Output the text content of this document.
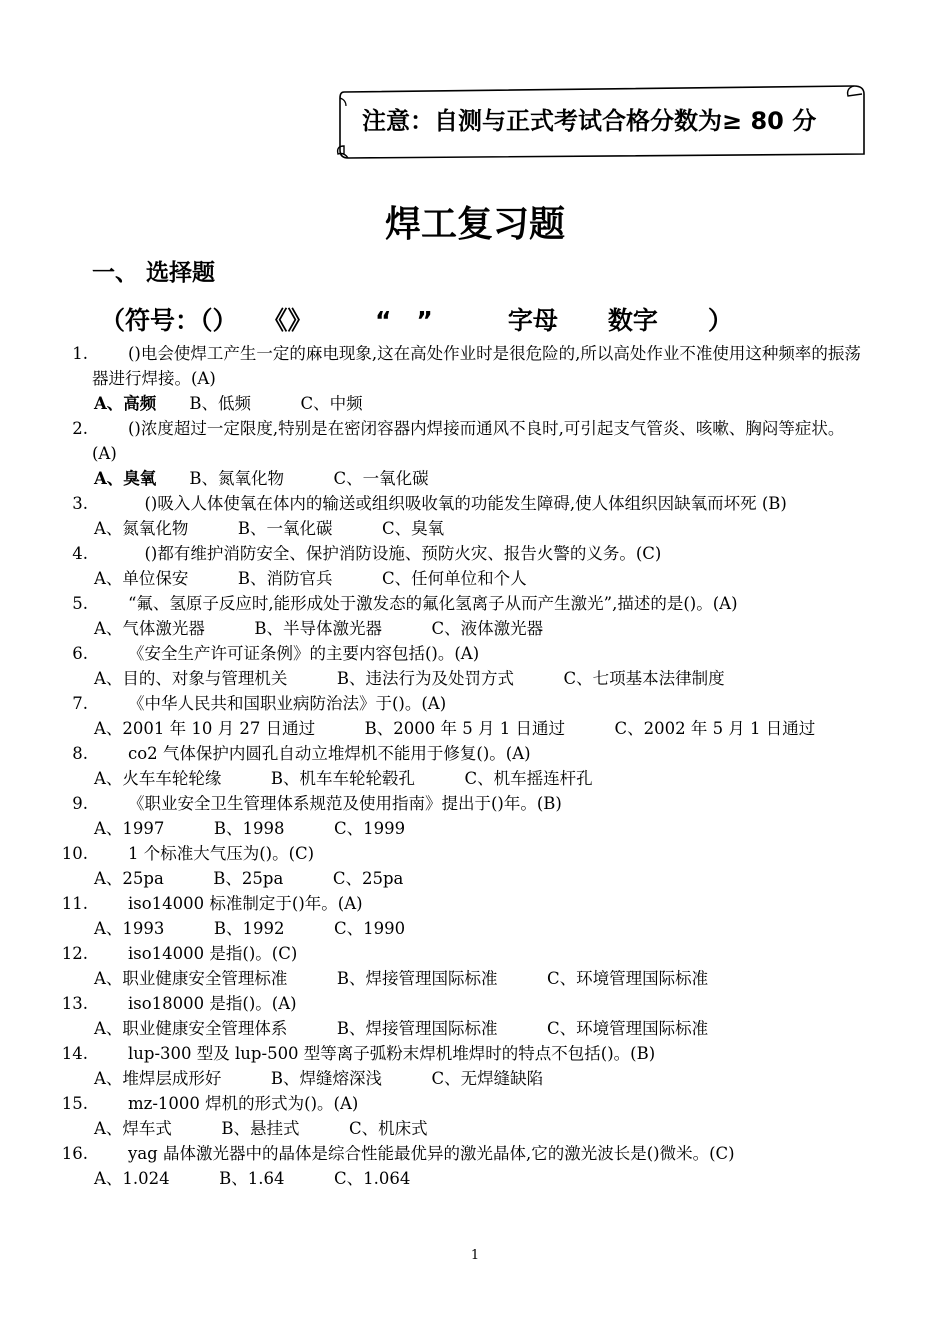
注意：自测与正式考试合格分数为≥ 80 分
焊工复习题
一、 选择题
（符号：（）　　《》　　　“　”　　　字母　　数字　　）
1.	()电会使焊工产生一定的麻电现象,这在高处作业时是很危险的,所以高处作业不准使用这种频率的振荡器进行焊接。(A)
A、高频　　B、低频　　　C、中频
2.	()浓度超过一定限度,特别是在密闭容器内焊接而通风不良时,可引起支气管炎、咳嗽、胸闷等症状。(A)
A、臭氧　　B、氮氧化物　　　C、一氧化碳
3.	　()吸入人体使氧在体内的输送或组织吸收氧的功能发生障碍,使人体组织因缺氧而坏死 (B)
A、氮氧化物　　　B、一氧化碳　　　C、臭氧
4.	　()都有维护消防安全、保护消防设施、预防火灾、报告火警的义务。(C)
A、单位保安　　　B、消防官兵　　　C、任何单位和个人
5.	“氟、氢原子反应时,能形成处于激发态的氟化氢离子从而产生激光”,描述的是()。(A)
A、气体激光器　　　B、半导体激光器　　　C、液体激光器
6.	《安全生产许可证条例》的主要内容包括()。(A)
A、目的、对象与管理机关　　　B、违法行为及处罚方式　　　C、七项基本法律制度
7.	《中华人民共和国职业病防治法》于()。(A)
A、2001 年 10 月 27 日通过　　　B、2000 年 5 月 1 日通过　　　C、2002 年 5 月 1 日通过
8.	co2 气体保护内圆孔自动立堆焊机不能用于修复()。(A)
A、火车车轮轮缘　　　B、机车车轮轮毂孔　　　C、机车摇连杆孔
9.	《职业安全卫生管理体系规范及使用指南》提出于()年。(B)
A、1997　　　B、1998　　　C、1999
10.	1 个标准大气压为()。(C)
A、25pa　　　B、25pa　　　C、25pa
11.	iso14000 标准制定于()年。(A)
A、1993　　　B、1992　　　C、1990
12.	iso14000 是指()。(C)
A、职业健康安全管理标准　　　B、焊接管理国际标准　　　C、环境管理国际标准
13.	iso18000 是指()。(A)
A、职业健康安全管理体系　　　B、焊接管理国际标准　　　C、环境管理国际标准
14.	lup-300 型及 lup-500 型等离子弧粉末焊机堆焊时的特点不包括()。(B)
A、堆焊层成形好　　　B、焊缝熔深浅　　　C、无焊缝缺陷
15.	mz-1000 焊机的形式为()。(A)
A、焊车式　　　B、悬挂式　　　C、机床式
16.	yag 晶体激光器中的晶体是综合性能最优异的激光晶体,它的激光波长是()微米。(C)
A、1.024　　　B、1.64　　　C、1.064
1
